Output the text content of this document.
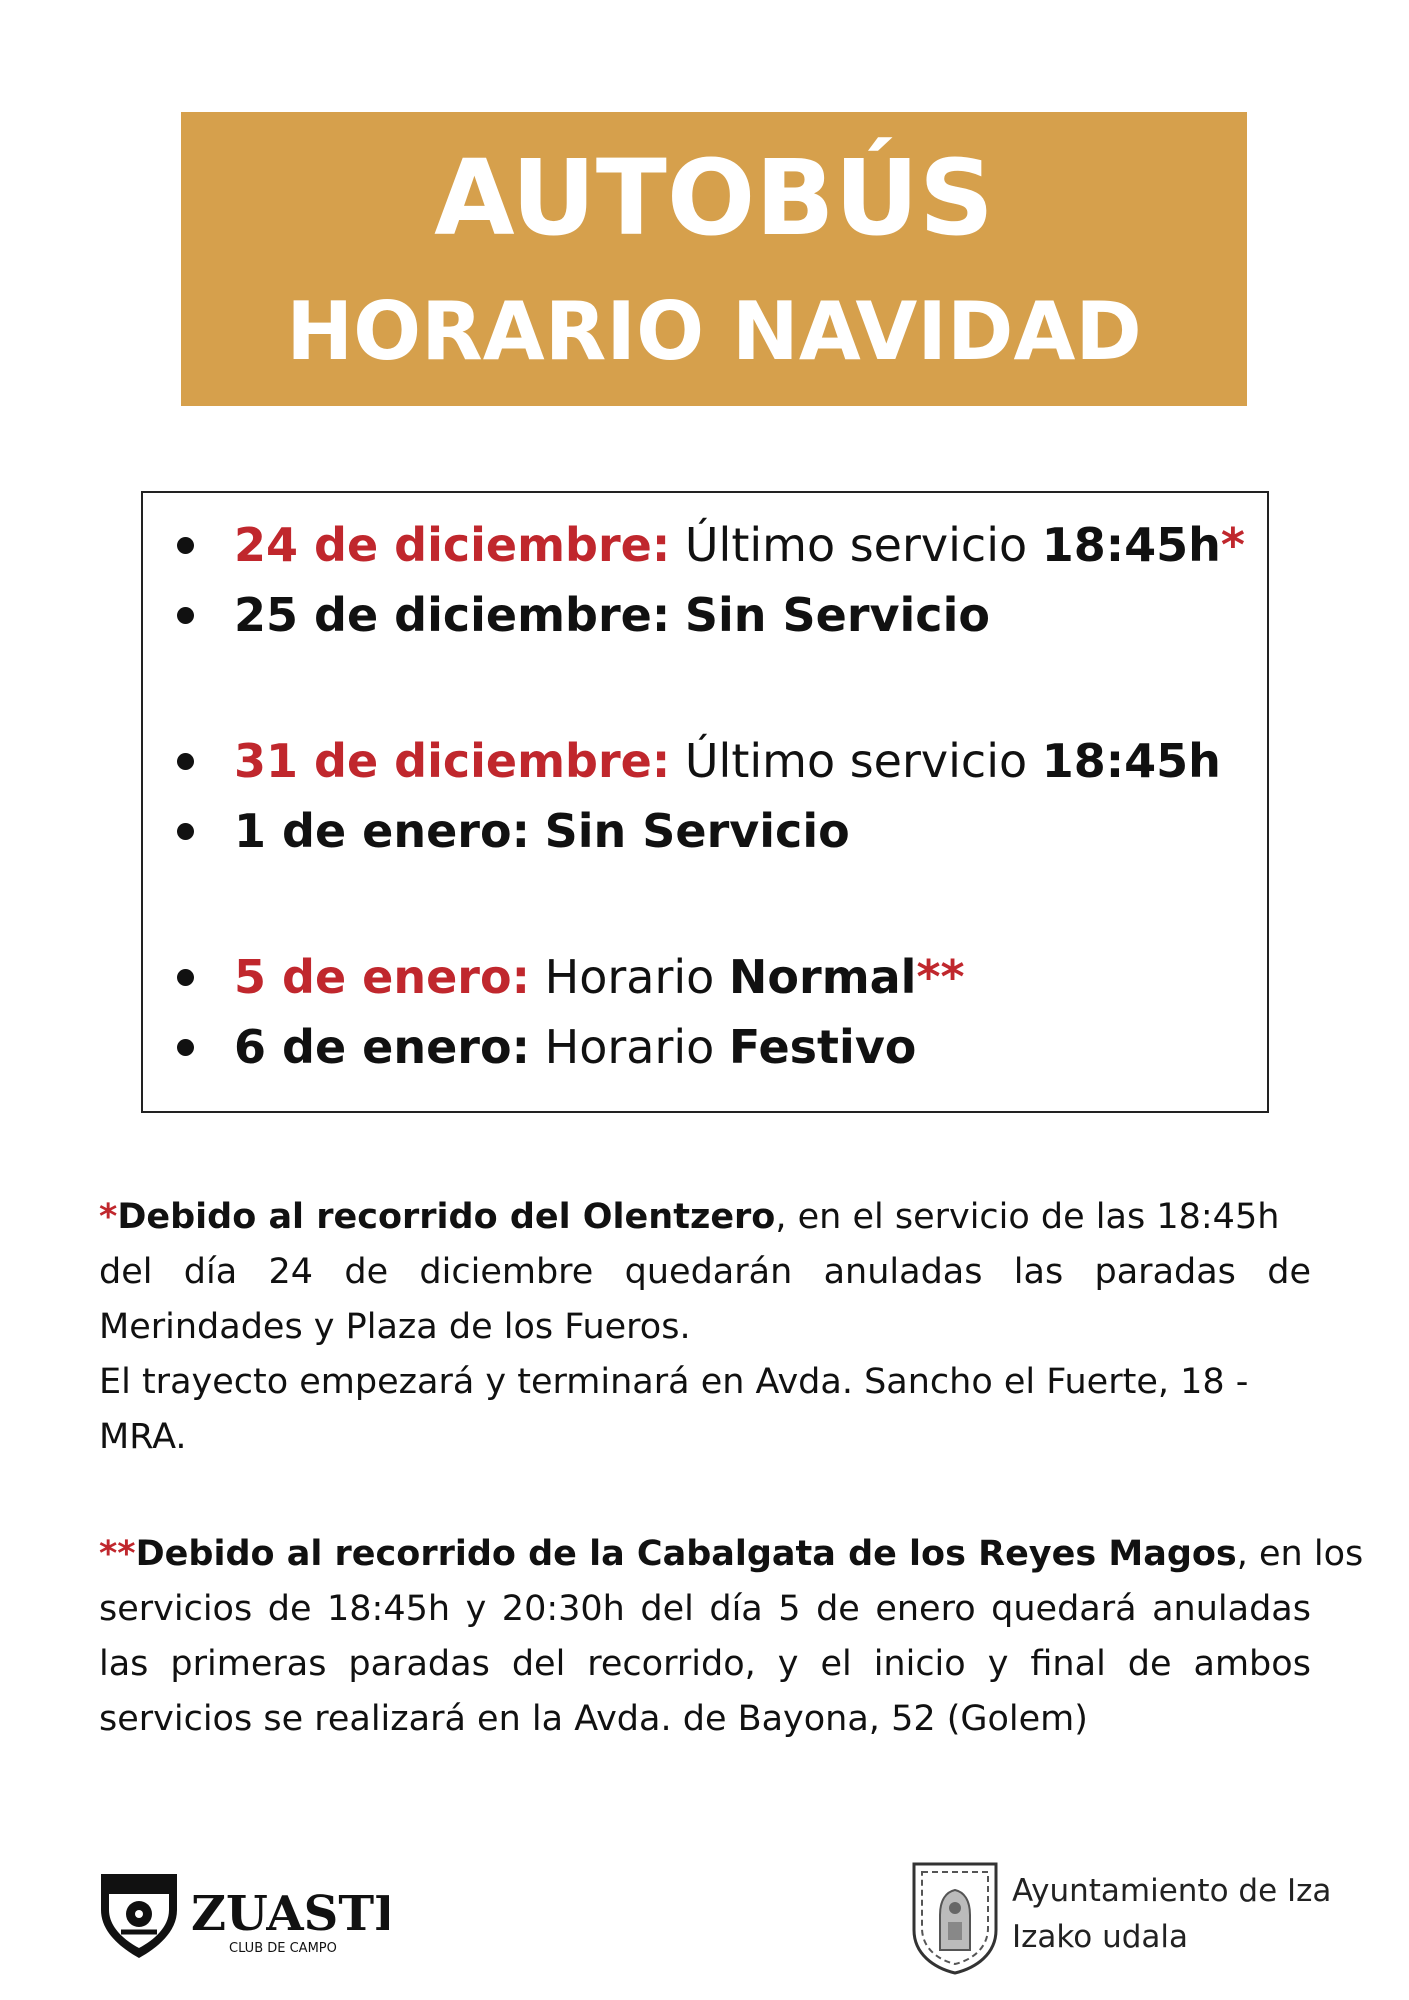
AUTOBÚS
HORARIO NAVIDAD
24 de diciembre: Último servicio 18:45h*
25 de diciembre: Sin Servicio
31 de diciembre: Último servicio 18:45h
1 de enero: Sin Servicio
5 de enero: Horario Normal**
6 de enero: Horario Festivo
*Debido al recorrido del Olentzero, en el servicio de las 18:45h
del día 24 de diciembre quedarán anuladas las paradas de
Merindades y Plaza de los Fueros.
El trayecto empezará y terminará en Avda. Sancho el Fuerte, 18 -
MRA.
**Debido al recorrido de la Cabalgata de los Reyes Magos, en los
servicios de 18:45h y 20:30h del día 5 de enero quedará anuladas
las primeras paradas del recorrido, y el inicio y final de ambos
servicios se realizará en la Avda. de Bayona, 52 (Golem)
ZUASTI
CLUB DE CAMPO
Ayuntamiento de Iza
Izako udala
